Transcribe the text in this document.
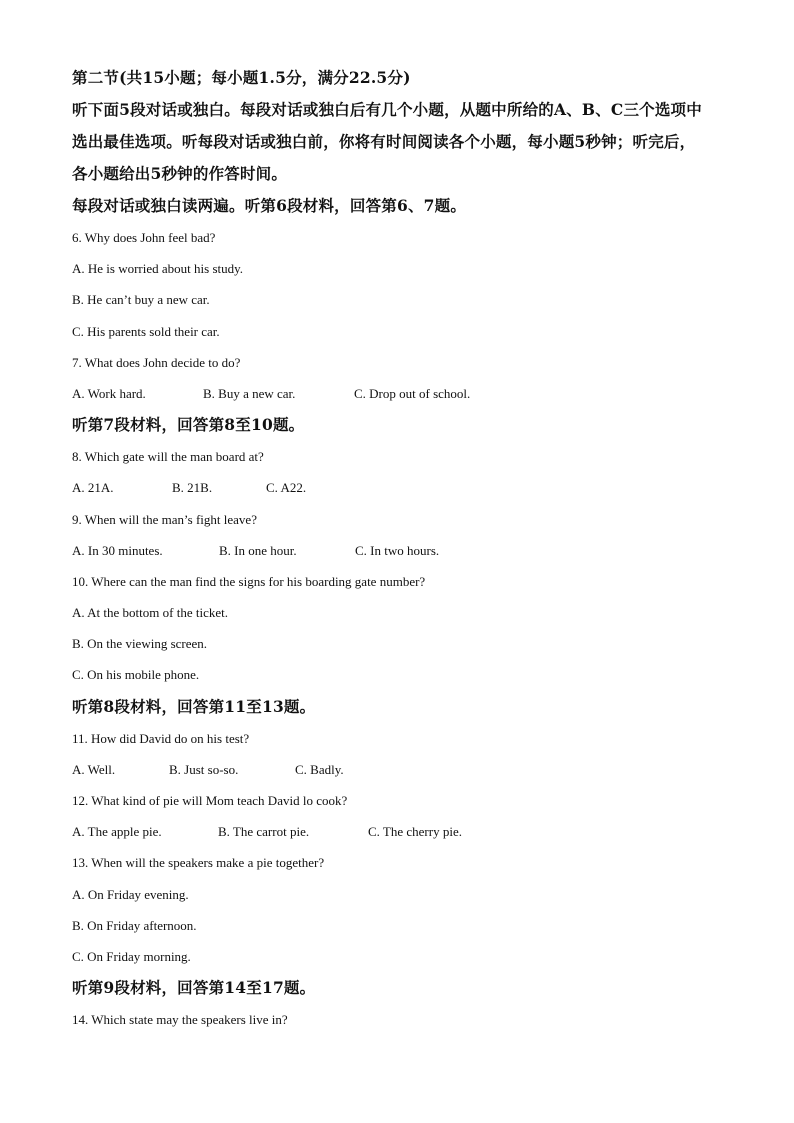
第二节(共15小题；每小题1.5分，满分22.5分)
听下面5段对话或独白。每段对话或独白后有几个小题，从题中所给的A、B、C三个选项中
选出最佳选项。听每段对话或独白前，你将有时间阅读各个小题，每小题5秒钟；听完后，
各小题给出5秒钟的作答时间。
每段对话或独白读两遍。听第6段材料，回答第6、7题。
6. Why does John feel bad?
A. He is worried about his study.
B. He can’t buy a new car.
C. His parents sold their car.
7. What does John decide to do?
A. Work hard.	B. Buy a new car.	C. Drop out of school.
听第7段材料，回答第8至10题。
8. Which gate will the man board at?
A. 21A.	B. 21B.	C. A22.
9. When will the man’s fight leave?
A. In 30 minutes.	B. In one hour.	C. In two hours.
10. Where can the man find the signs for his boarding gate number?
A. At the bottom of the ticket.
B. On the viewing screen.
C. On his mobile phone.
听第8段材料，回答第11至13题。
11. How did David do on his test?
A. Well.	B. Just so-so.	C. Badly.
12. What kind of pie will Mom teach David lo cook?
A. The apple pie.	B. The carrot pie.	C. The cherry pie.
13. When will the speakers make a pie together?
A. On Friday evening.
B. On Friday afternoon.
C. On Friday morning.
听第9段材料，回答第14至17题。
14. Which state may the speakers live in?
